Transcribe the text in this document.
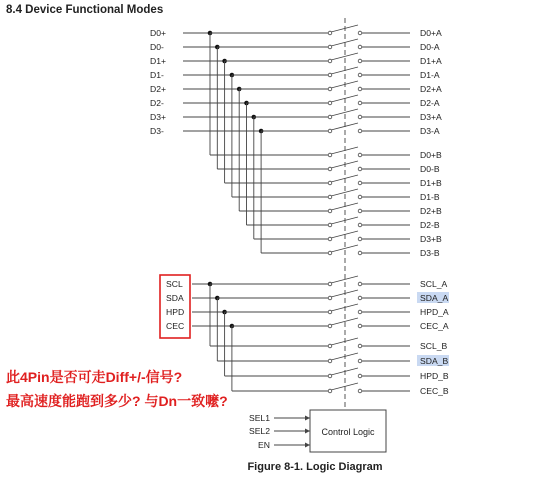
8.4 Device Functional Modes
D0+	D0+A
D0+B
D0-	D0-A
D0-B
D1+	D1+A
D1+B
D1-	D1-A
D1-B
D2+	D2+A
D2+B
D2-	D2-A
D2-B
D3+	D3+A
D3+B
D3-	D3-A
D3-B
SCL	SCL_A
SCL_B
SDA	SDA_A
SDA_B
HPD	HPD_A
HPD_B
CEC	CEC_A
CEC_B
SEL1
SEL2
EN
Control Logic
此4Pin是否可走Diff+/-信号?
最高速度能跑到多少? 与Dn一致嚒?
Figure 8-1. Logic Diagram
